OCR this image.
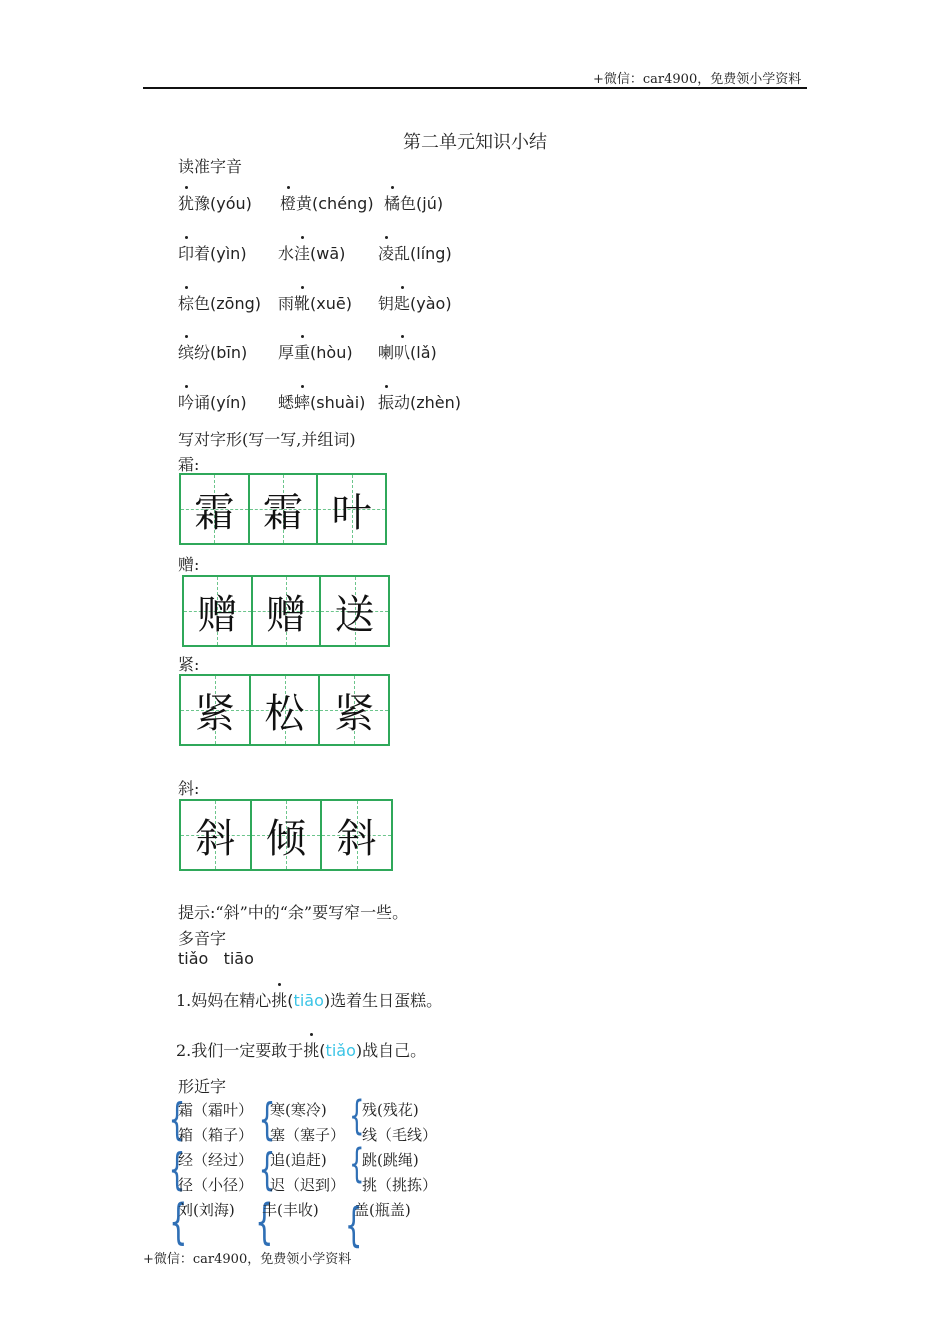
+微信：car4900，免费领小学资料
第二单元知识小结
读准字音
犹豫(yóu) 橙黄(chéng) 橘色(jú)
印着(yìn) 水洼(wā) 凌乱(líng)
棕色(zōng) 雨靴(xuē) 钥匙(yào)
缤纷(bīn) 厚重(hòu) 喇叭(lǎ)
吟诵(yín) 蟋蟀(shuài) 振动(zhèn)
写对字形(写一写,并组词)
霜:
霜 霜 叶
赠:
赠 赠 送
紧:
紧 松 紧
斜:
斜 倾 斜
提示:“斜”中的“余”要写窄一些。
多音字
tiǎo   tiāo
1.妈妈在精心挑(tiāo)选着生日蛋糕。
2.我们一定要敢于挑(tiǎo)战自己。
形近字
{ { {
{ { {
{ { {
霜（霜叶）
箱（箱子）
经（经过）
径（小径）
刘(刘海)
寒(寒冷)
塞（塞子）
追(追赶)
迟（迟到）
丰(丰收)
残(残花)
线（毛线）
跳(跳绳)
挑（挑拣）
盖(瓶盖)
+微信：car4900，免费领小学资料
